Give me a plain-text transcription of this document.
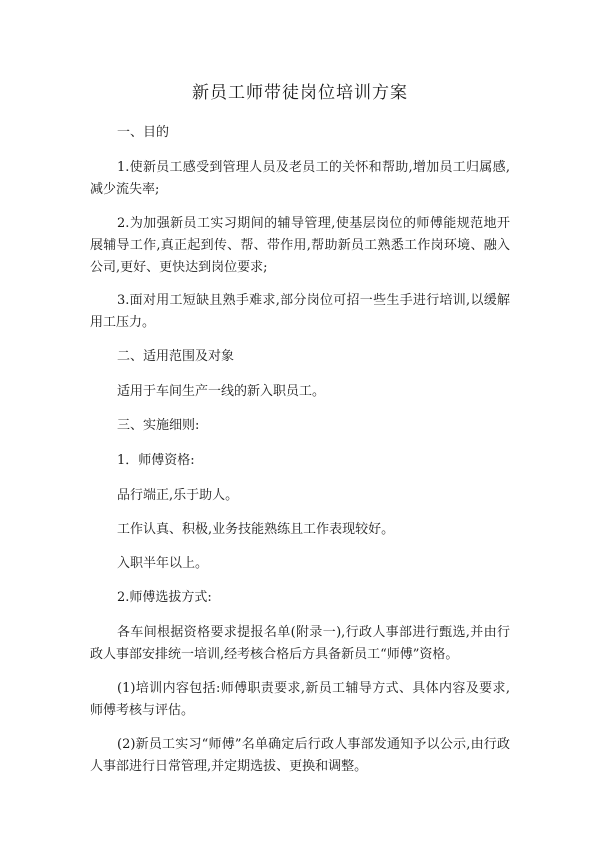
新员工师带徒岗位培训方案
一、目的
1.使新员工感受到管理人员及老员工的关怀和帮助,增加员工归属感,减少流失率;
2.为加强新员工实习期间的辅导管理,使基层岗位的师傅能规范地开展辅导工作,真正起到传、帮、带作用,帮助新员工熟悉工作岗环境、融入公司,更好、更快达到岗位要求;
3.面对用工短缺且熟手难求,部分岗位可招一些生手进行培训,以缓解用工压力。
二、适用范围及对象
适用于车间生产一线的新入职员工。
三、实施细则:
1．师傅资格:
品行端正,乐于助人。
工作认真、积极,业务技能熟练且工作表现较好。
入职半年以上。
2.师傅选拔方式:
各车间根据资格要求提报名单(附录一),行政人事部进行甄选,并由行政人事部安排统一培训,经考核合格后方具备新员工“师傅”资格。
(1)培训内容包括:师傅职责要求,新员工辅导方式、具体内容及要求,师傅考核与评估。
(2)新员工实习“师傅”名单确定后行政人事部发通知予以公示,由行政人事部进行日常管理,并定期选拔、更换和调整。
